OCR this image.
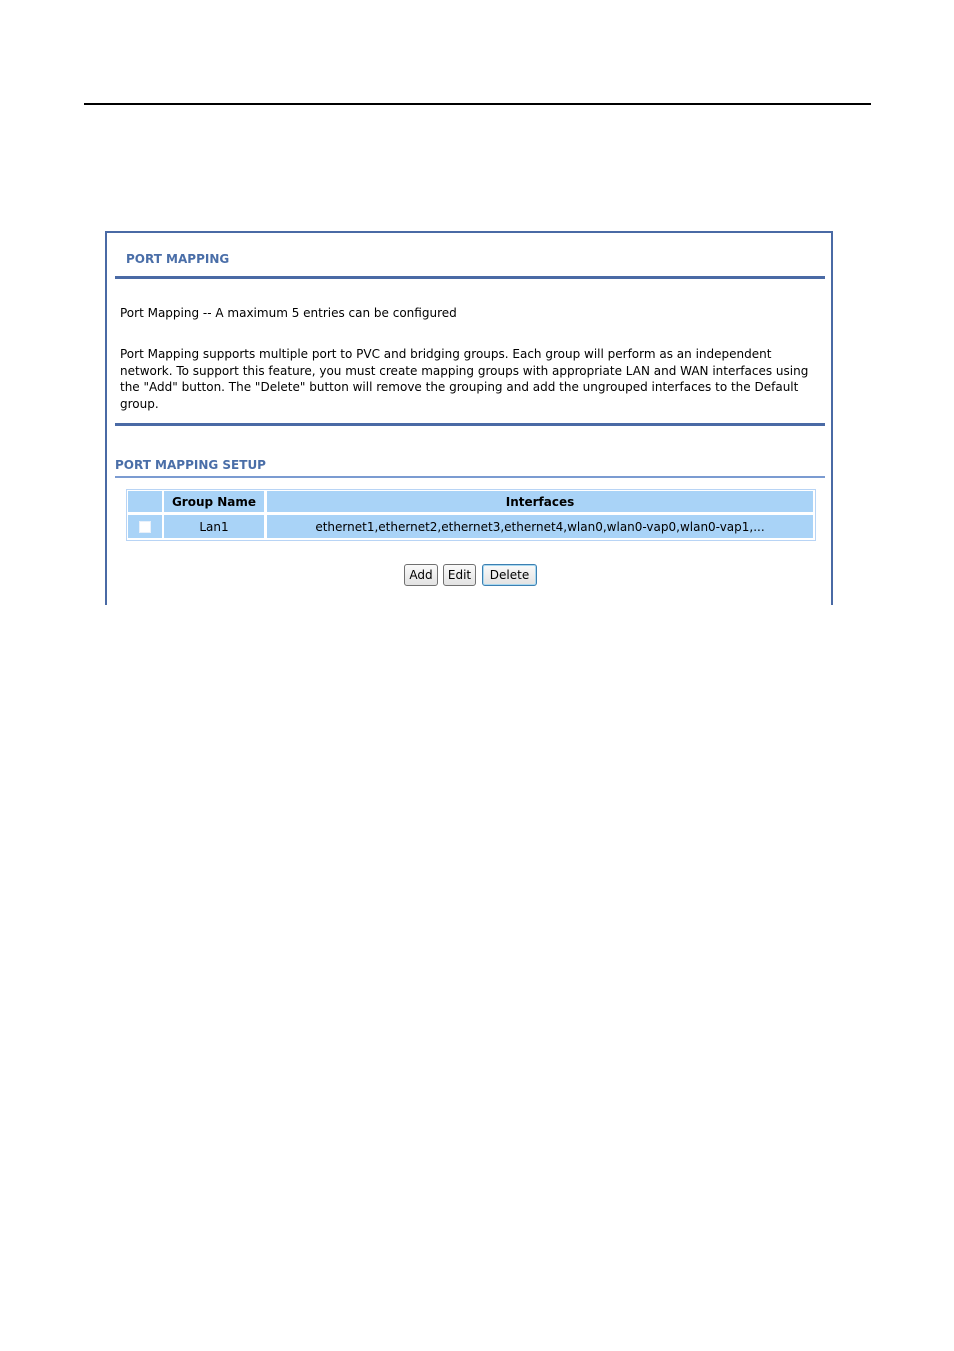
PORT MAPPING
Port Mapping -- A maximum 5 entries can be configured
Port Mapping supports multiple port to PVC and bridging groups. Each group will perform as an independent network. To support this feature, you must create mapping groups with appropriate LAN and WAN interfaces using the "Add" button. The "Delete" button will remove the grouping and add the ungrouped interfaces to the Default group.
PORT MAPPING SETUP
Group Name	Interfaces
Lan1	ethernet1,ethernet2,ethernet3,ethernet4,wlan0,wlan0-vap0,wlan0-vap1,...
Add	Edit	Delete
